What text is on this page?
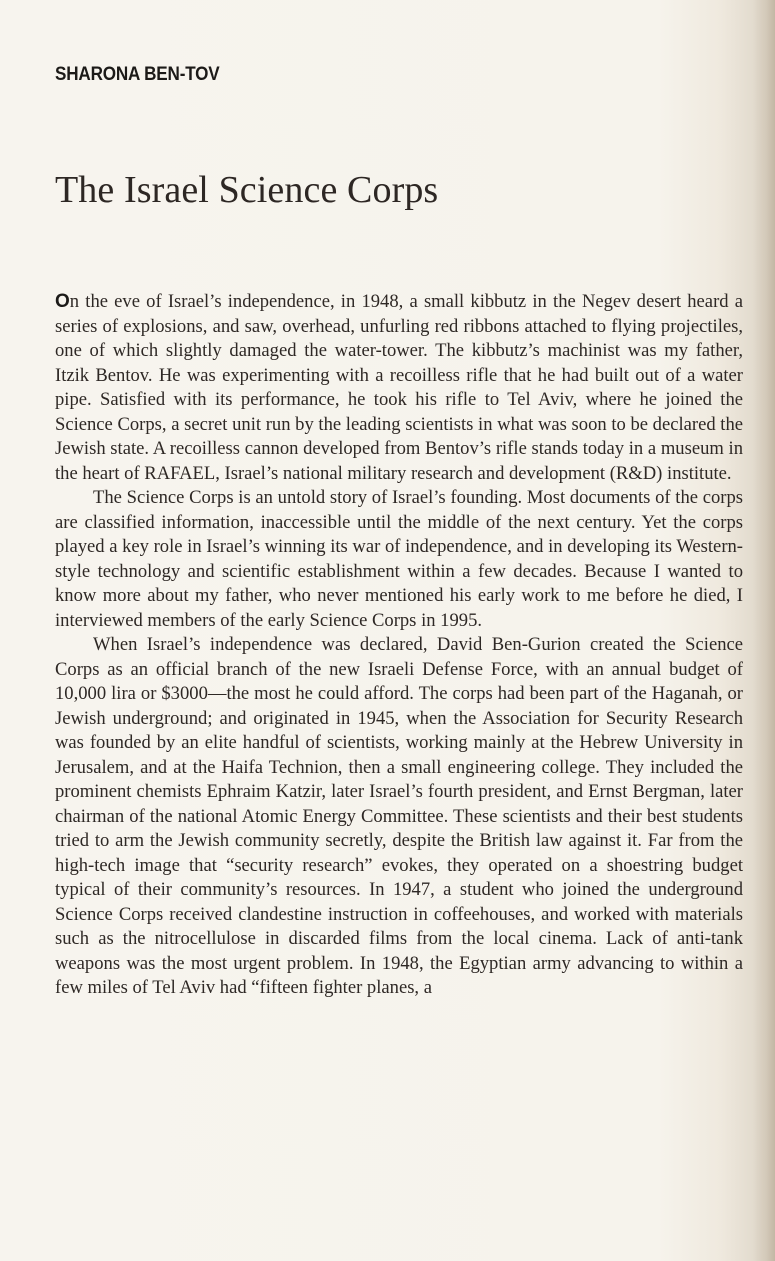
SHARONA BEN-TOV
The Israel Science Corps

On the eve of Israel’s independence, in 1948, a small kibbutz in the Negev desert heard a series of explosions, and saw, overhead, unfurling red ribbons attached to flying projectiles, one of which slightly damaged the water-tower. The kibbutz’s machinist was my father, Itzik Bentov. He was experimenting with a recoilless rifle that he had built out of a water pipe. Satisfied with its performance, he took his rifle to Tel Aviv, where he joined the Science Corps, a secret unit run by the leading scientists in what was soon to be declared the Jewish state. A recoilless cannon developed from Bentov’s rifle stands today in a museum in the heart of RAFAEL, Israel’s national military research and development (R&D) institute.

The Science Corps is an untold story of Israel’s founding. Most documents of the corps are classified information, inaccessible until the middle of the next century. Yet the corps played a key role in Israel’s winning its war of independence, and in developing its Western-style technology and scientific establishment within a few decades. Because I wanted to know more about my father, who never mentioned his early work to me before he died, I interviewed members of the early Science Corps in 1995.

When Israel’s independence was declared, David Ben-Gurion created the Science Corps as an official branch of the new Israeli Defense Force, with an annual budget of 10,000 lira or $3000—the most he could afford. The corps had been part of the Haganah, or Jewish underground; and originated in 1945, when the Association for Security Research was founded by an elite handful of scientists, working mainly at the Hebrew University in Jerusalem, and at the Haifa Technion, then a small engineering college. They included the prominent chemists Ephraim Katzir, later Israel’s fourth president, and Ernst Bergman, later chairman of the national Atomic Energy Committee. These scientists and their best students tried to arm the Jewish community secretly, despite the British law against it. Far from the high-tech image that “security research” evokes, they operated on a shoestring budget typical of their community’s resources. In 1947, a student who joined the underground Science Corps received clandestine instruction in coffeehouses, and worked with materials such as the nitrocellulose in discarded films from the local cinema. Lack of anti-tank weapons was the most urgent problem. In 1948, the Egyptian army advancing to within a few miles of Tel Aviv had “fifteen fighter planes, a
